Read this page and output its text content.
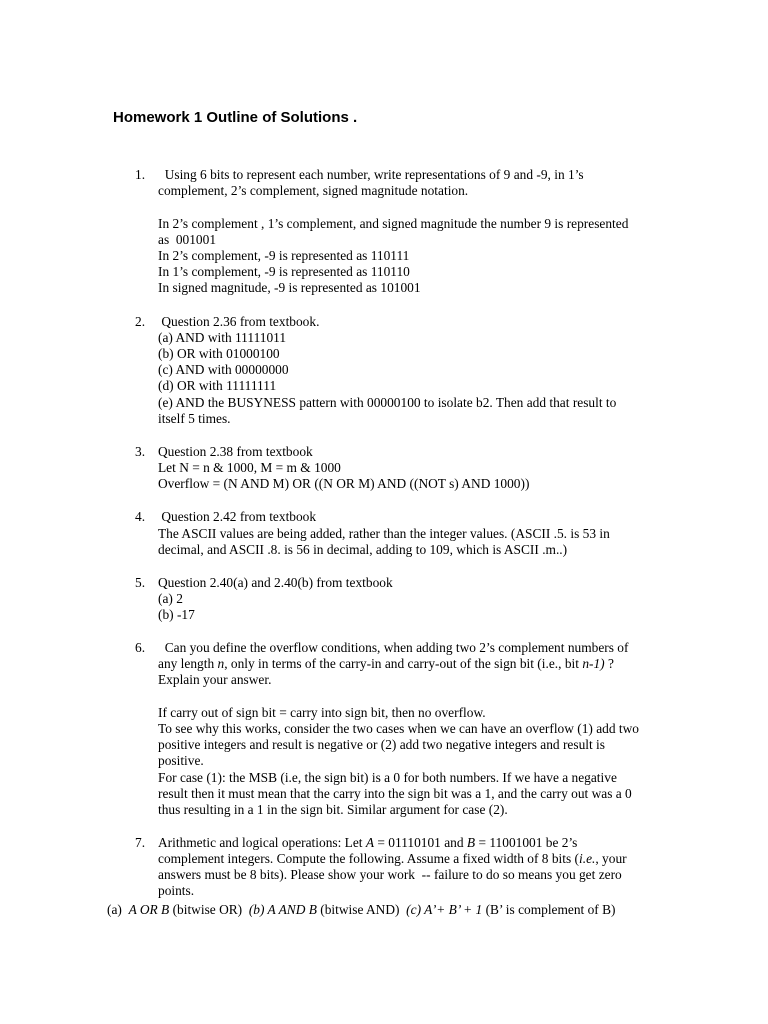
Homework 1 Outline of Solutions .
1. Using 6 bits to represent each number, write representations of 9 and -9, in 1’s
complement, 2’s complement, signed magnitude notation.
In 2’s complement , 1’s complement, and signed magnitude the number 9 is represented
as  001001
In 2’s complement, -9 is represented as 110111
In 1’s complement, -9 is represented as 110110
In signed magnitude, -9 is represented as 101001
2. Question 2.36 from textbook.
(a) AND with 11111011
(b) OR with 01000100
(c) AND with 00000000
(d) OR with 11111111
(e) AND the BUSYNESS pattern with 00000100 to isolate b2. Then add that result to
itself 5 times.
3. Question 2.38 from textbook
Let N = n & 1000, M = m & 1000
Overflow = (N AND M) OR ((N OR M) AND ((NOT s) AND 1000))
4. Question 2.42 from textbook
The ASCII values are being added, rather than the integer values. (ASCII .5. is 53 in
decimal, and ASCII .8. is 56 in decimal, adding to 109, which is ASCII .m..)
5. Question 2.40(a) and 2.40(b) from textbook
(a) 2
(b) -17
6. Can you define the overflow conditions, when adding two 2’s complement numbers of
any length n, only in terms of the carry-in and carry-out of the sign bit (i.e., bit n-1) ?
Explain your answer.
If carry out of sign bit = carry into sign bit, then no overflow.
To see why this works, consider the two cases when we can have an overflow (1) add two
positive integers and result is negative or (2) add two negative integers and result is
positive.
For case (1): the MSB (i.e, the sign bit) is a 0 for both numbers. If we have a negative
result then it must mean that the carry into the sign bit was a 1, and the carry out was a 0
thus resulting in a 1 in the sign bit. Similar argument for case (2).
7. Arithmetic and logical operations: Let A = 01110101 and B = 11001001 be 2’s
complement integers. Compute the following. Assume a fixed width of 8 bits (i.e., your
answers must be 8 bits). Please show your work  -- failure to do so means you get zero
points.
(a)  A OR B (bitwise OR)  (b) A AND B (bitwise AND)  (c) A’+ B’ + 1 (B’ is complement of B)
